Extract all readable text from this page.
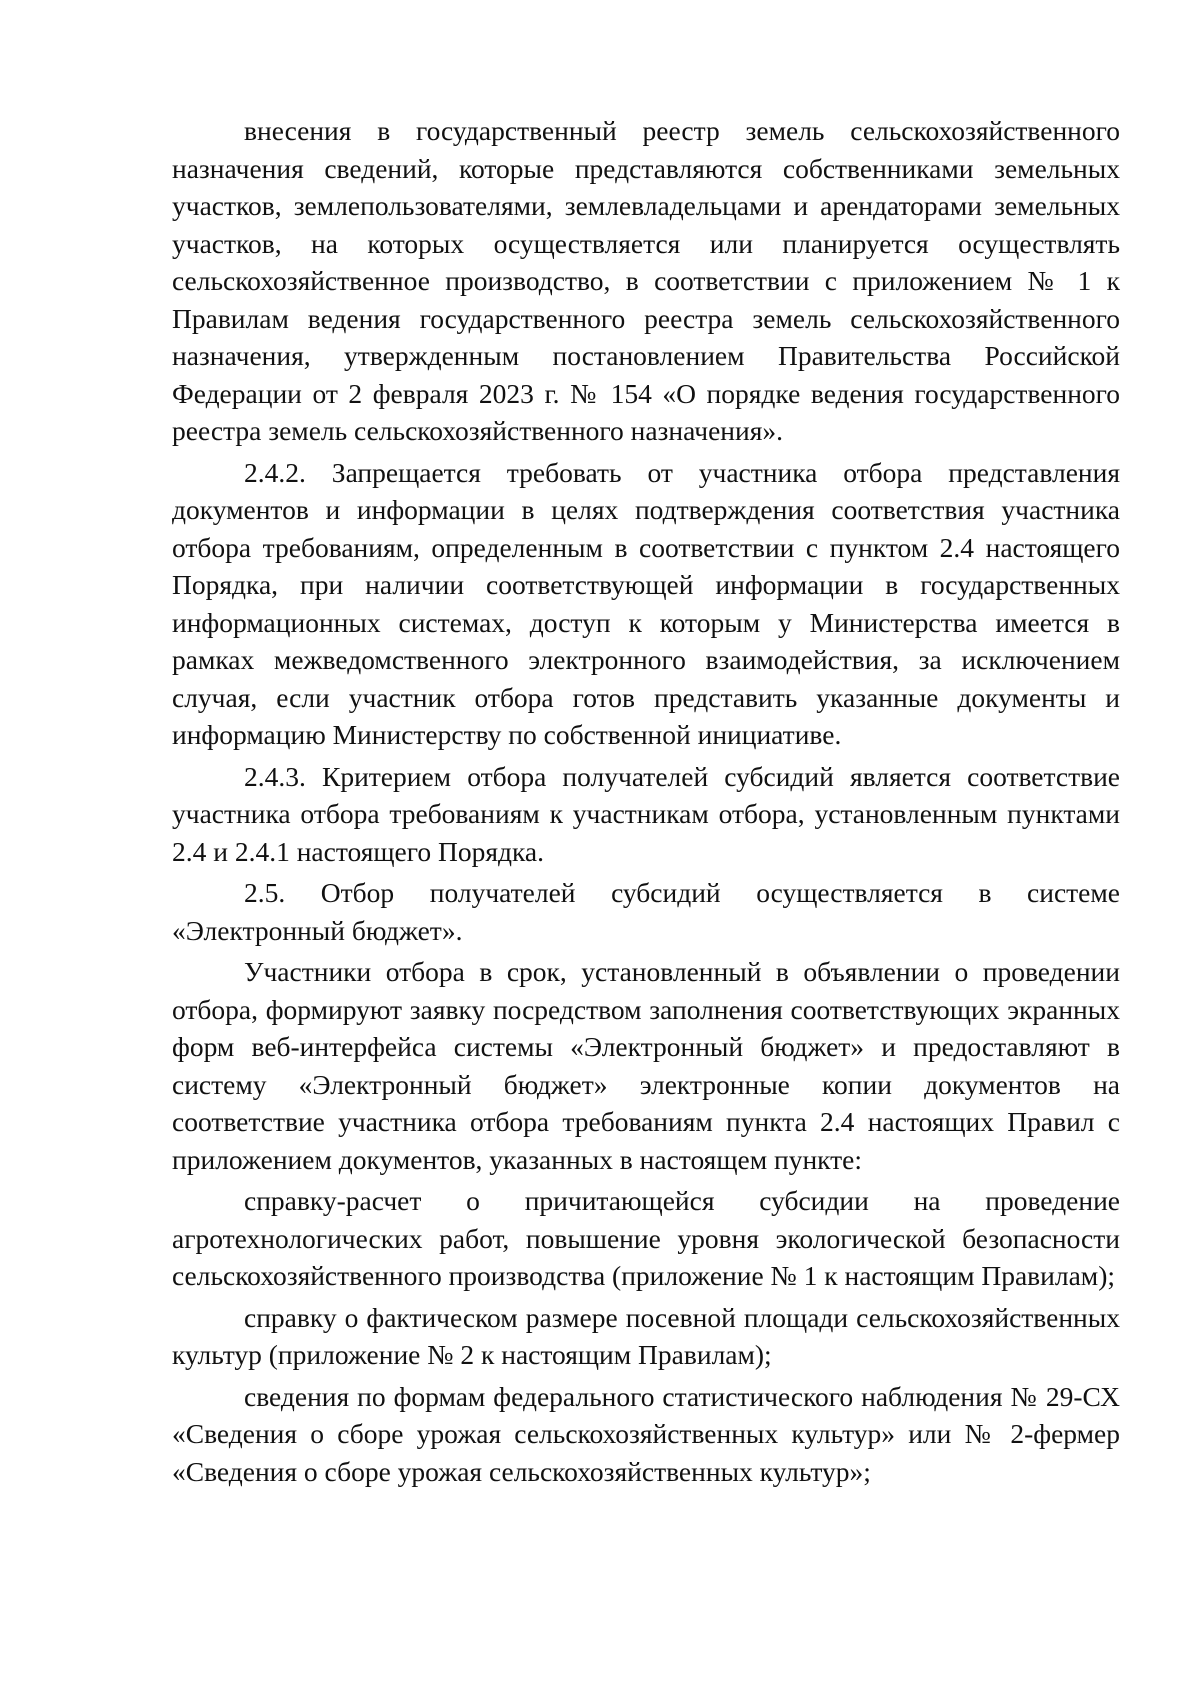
внесения в государственный реестр земель сельскохозяйственного назначения сведений, которые представляются собственниками земельных участков, землепользователями, землевладельцами и арендаторами земельных участков, на которых осуществляется или планируется осуществлять сельскохозяйственное производство, в соответствии с приложением № 1 к Правилам ведения государственного реестра земель сельскохозяйственного назначения, утвержденным постановлением Правительства Российской Федерации от 2 февраля 2023 г. № 154 «О порядке ведения государственного реестра земель сельскохозяйственного назначения».

2.4.2. Запрещается требовать от участника отбора представления документов и информации в целях подтверждения соответствия участника отбора требованиям, определенным в соответствии с пунктом 2.4 настоящего Порядка, при наличии соответствующей информации в государственных информационных системах, доступ к которым у Министерства имеется в рамках межведомственного электронного взаимодействия, за исключением случая, если участник отбора готов представить указанные документы и информацию Министерству по собственной инициативе.

2.4.3. Критерием отбора получателей субсидий является соответствие участника отбора требованиям к участникам отбора, установленным пунктами 2.4 и 2.4.1 настоящего Порядка.

2.5. Отбор получателей субсидий осуществляется в системе «Электронный бюджет».

Участники отбора в срок, установленный в объявлении о проведении отбора, формируют заявку посредством заполнения соответствующих экранных форм веб-интерфейса системы «Электронный бюджет» и предоставляют в систему «Электронный бюджет» электронные копии документов на соответствие участника отбора требованиям пункта 2.4 настоящих Правил с приложением документов, указанных в настоящем пункте:

справку-расчет о причитающейся субсидии на проведение агротехнологических работ, повышение уровня экологической безопасности сельскохозяйственного производства (приложение № 1 к настоящим Правилам);

справку о фактическом размере посевной площади сельскохозяйственных культур (приложение № 2 к настоящим Правилам);

сведения по формам федерального статистического наблюдения № 29-СХ «Сведения о сборе урожая сельскохозяйственных культур» или № 2-фермер «Сведения о сборе урожая сельскохозяйственных культур»;
